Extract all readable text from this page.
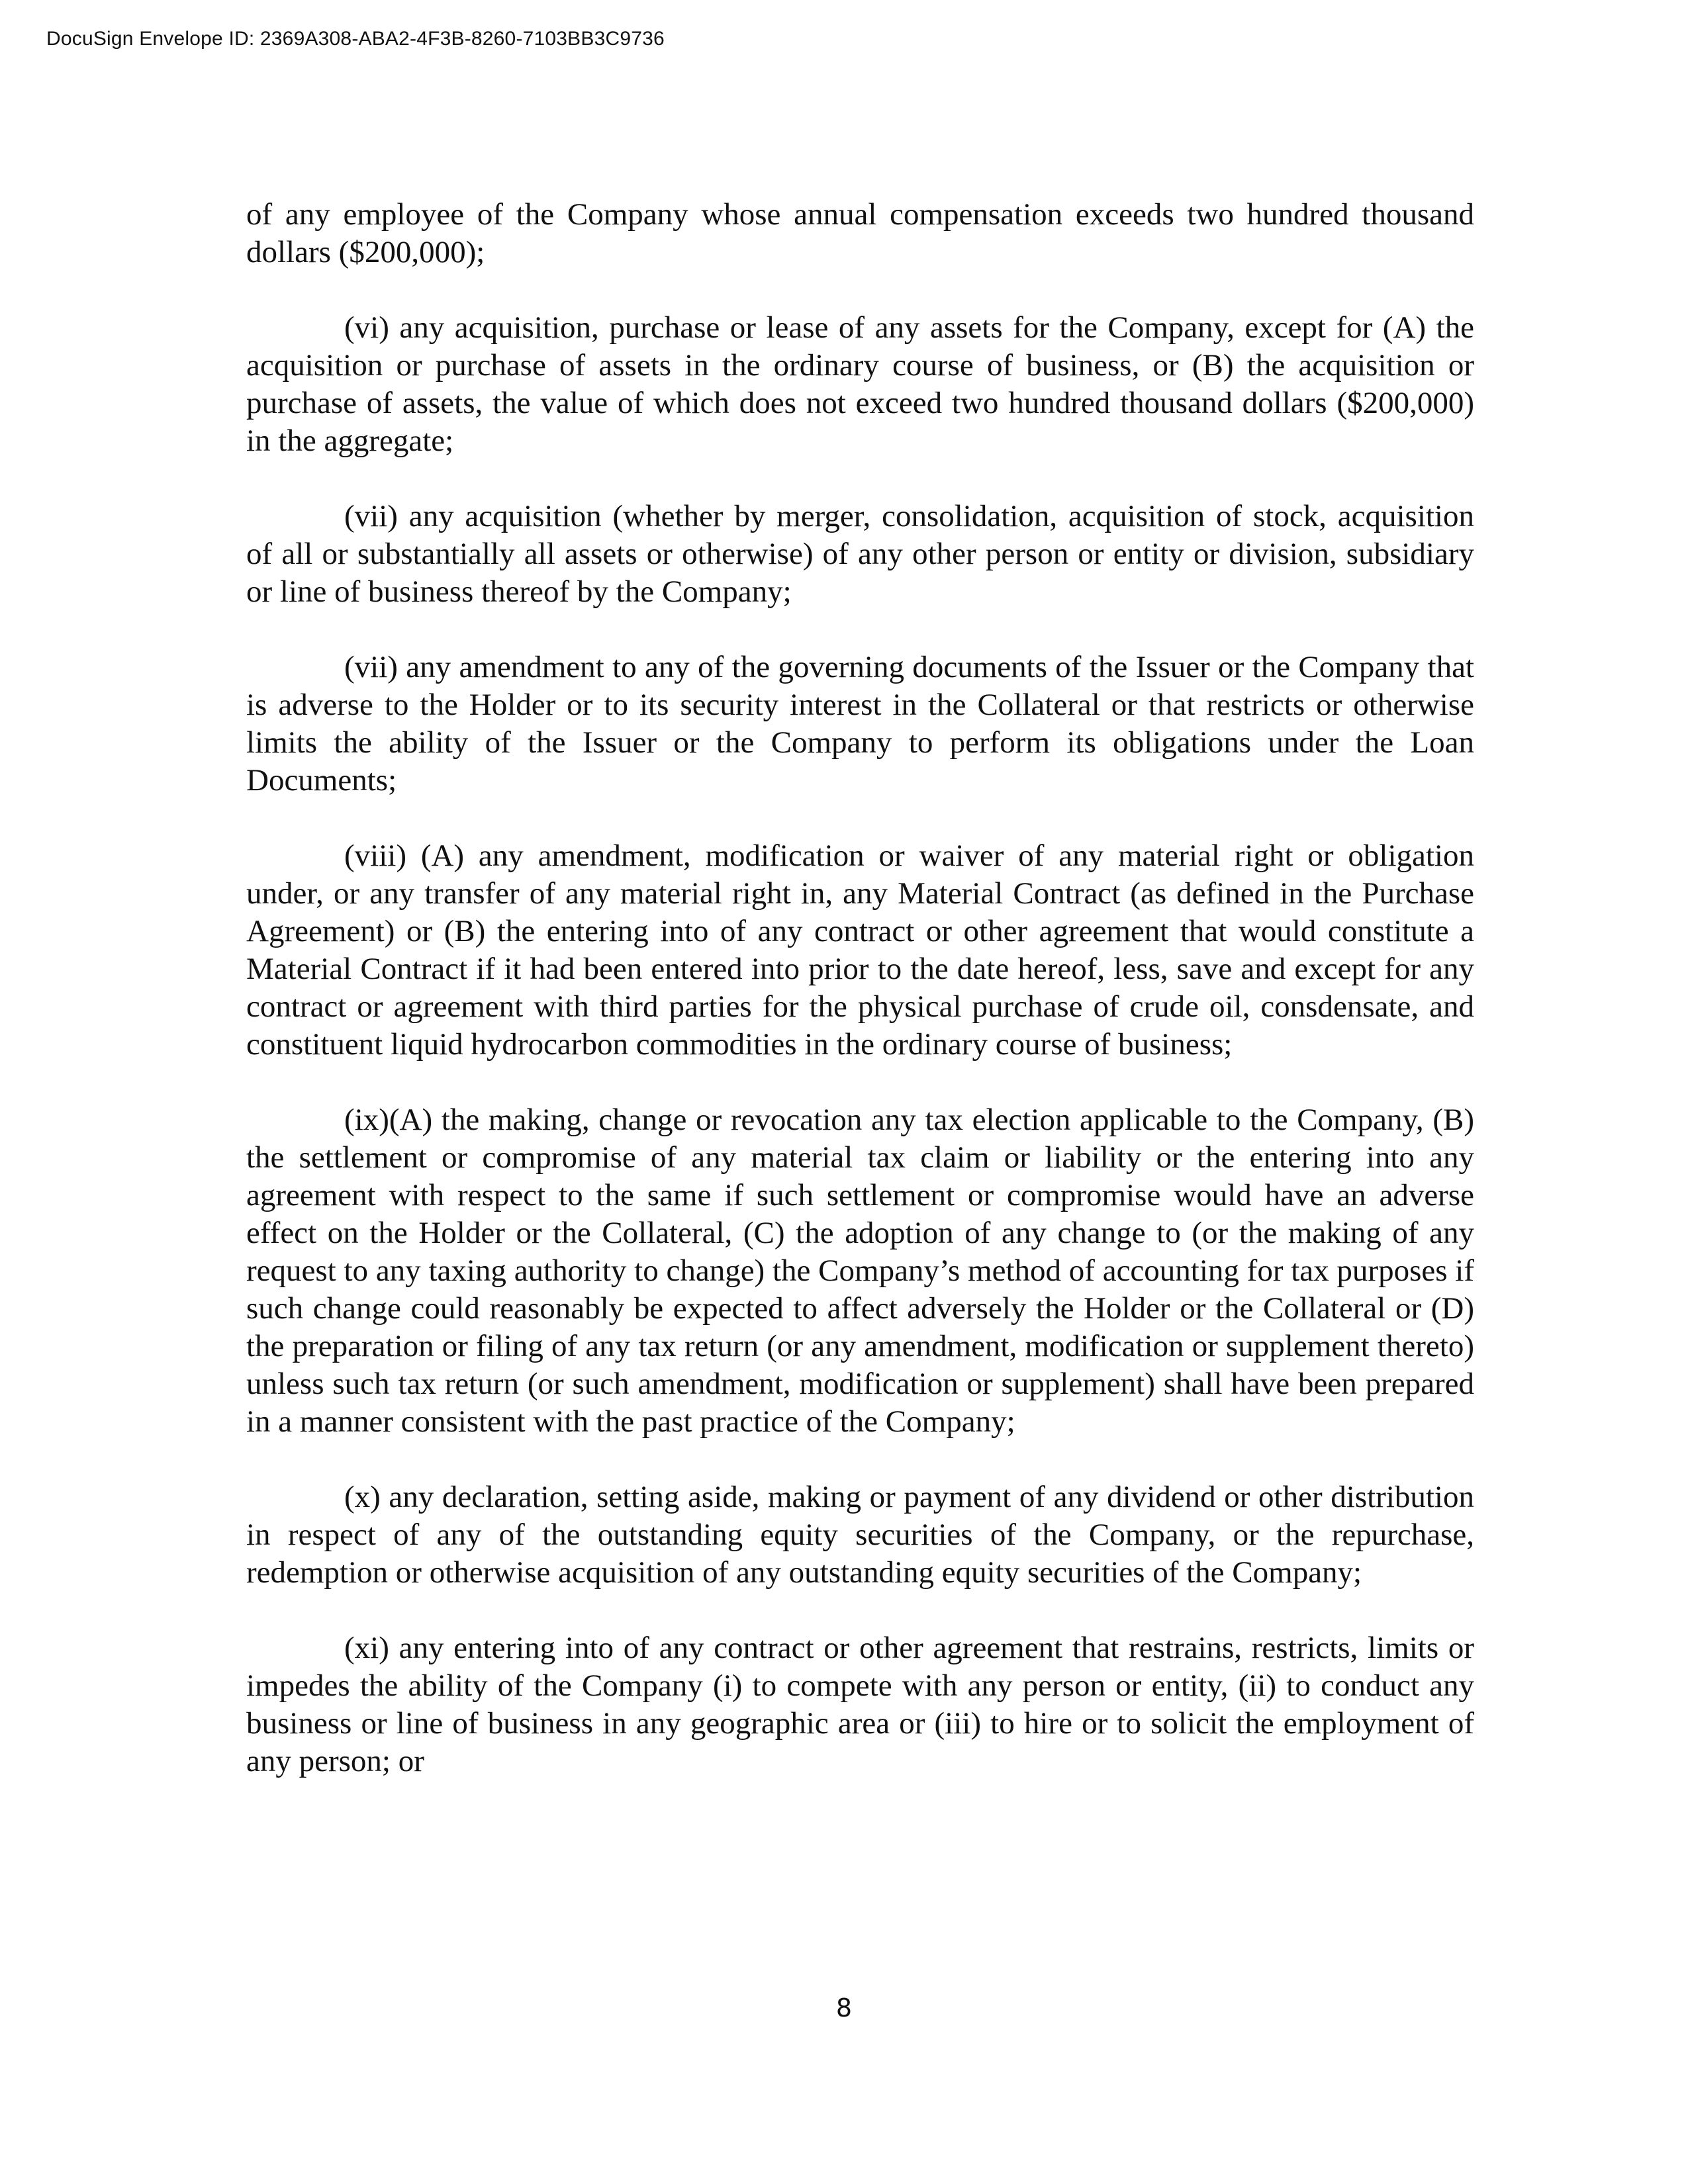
DocuSign Envelope ID: 2369A308-ABA2-4F3B-8260-7103BB3C9736

of any employee of the Company whose annual compensation exceeds two hundred thousand dollars ($200,000);

(vi) any acquisition, purchase or lease of any assets for the Company, except for (A) the acquisition or purchase of assets in the ordinary course of business, or (B) the acquisition or purchase of assets, the value of which does not exceed two hundred thousand dollars ($200,000) in the aggregate;

(vii) any acquisition (whether by merger, consolidation, acquisition of stock, acquisition of all or substantially all assets or otherwise) of any other person or entity or division, subsidiary or line of business thereof by the Company;

(vii) any amendment to any of the governing documents of the Issuer or the Company that is adverse to the Holder or to its security interest in the Collateral or that restricts or otherwise limits the ability of the Issuer or the Company to perform its obligations under the Loan Documents;

(viii) (A) any amendment, modification or waiver of any material right or obligation under, or any transfer of any material right in, any Material Contract (as defined in the Purchase Agreement) or (B) the entering into of any contract or other agreement that would constitute a Material Contract if it had been entered into prior to the date hereof, less, save and except for any contract or agreement with third parties for the physical purchase of crude oil, consdensate, and constituent liquid hydrocarbon commodities in the ordinary course of business;

(ix)(A) the making, change or revocation any tax election applicable to the Company, (B) the settlement or compromise of any material tax claim or liability or the entering into any agreement with respect to the same if such settlement or compromise would have an adverse effect on the Holder or the Collateral, (C) the adoption of any change to (or the making of any request to any taxing authority to change) the Company’s method of accounting for tax purposes if such change could reasonably be expected to affect adversely the Holder or the Collateral or (D) the preparation or filing of any tax return (or any amendment, modification or supplement thereto) unless such tax return (or such amendment, modification or supplement) shall have been prepared in a manner consistent with the past practice of the Company;

(x) any declaration, setting aside, making or payment of any dividend or other distribution in respect of any of the outstanding equity securities of the Company, or the repurchase, redemption or otherwise acquisition of any outstanding equity securities of the Company;

(xi) any entering into of any contract or other agreement that restrains, restricts, limits or impedes the ability of the Company (i) to compete with any person or entity, (ii) to conduct any business or line of business in any geographic area or (iii) to hire or to solicit the employment of any person; or

8
